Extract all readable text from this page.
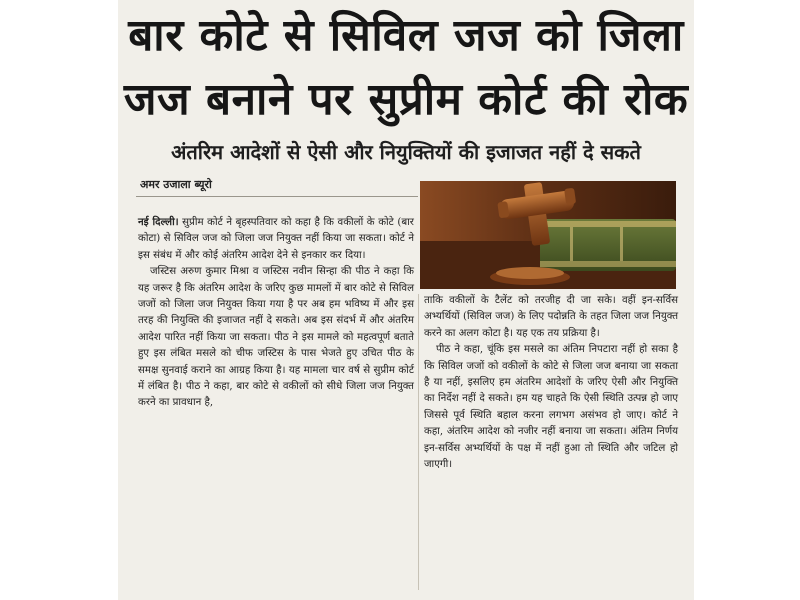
बार कोटे से सिविल जज को जिला
जज बनाने पर सुप्रीम कोर्ट की रोक
अंतरिम आदेशों से ऐसी और नियुक्तियों की इजाजत नहीं दे सकते
अमर उजाला ब्यूरो

नई दिल्ली। सुप्रीम कोर्ट ने बृहस्पतिवार को कहा है कि वकीलों के कोटे (बार कोटा) से सिविल जज को जिला जज नियुक्त नहीं किया जा सकता। कोर्ट ने इस संबंध में और कोई अंतरिम आदेश देने से इनकार कर दिया।

जस्टिस अरुण कुमार मिश्रा व जस्टिस नवीन सिन्हा की पीठ ने कहा कि यह जरूर है कि अंतरिम आदेश के जरिए कुछ मामलों में बार कोटे से सिविल जजों को जिला जज नियुक्त किया गया है पर अब हम भविष्य में और इस तरह की नियुक्ति की इजाजत नहीं दे सकते। अब इस संदर्भ में और अंतरिम आदेश पारित नहीं किया जा सकता। पीठ ने इस मामले को महत्वपूर्ण बताते हुए इस लंबित मसले को चीफ जस्टिस के पास भेजते हुए उचित पीठ के समक्ष सुनवाई कराने का आग्रह किया है। यह मामला चार वर्ष से सुप्रीम कोर्ट में लंबित है। पीठ ने कहा, बार कोटे से वकीलों को सीधे जिला जज नियुक्त करने का प्रावधान है,

ताकि वकीलों के टैलेंट को तरजीह दी जा सके। वहीं इन-सर्विस अभ्यर्थियों (सिविल जज) के लिए पदोन्नति के तहत जिला जज नियुक्त करने का अलग कोटा है। यह एक तय प्रक्रिया है।

पीठ ने कहा, चूंकि इस मसले का अंतिम निपटारा नहीं हो सका है कि सिविल जजों को वकीलों के कोटे से जिला जज बनाया जा सकता है या नहीं, इसलिए हम अंतरिम आदेशों के जरिए ऐसी और नियुक्ति का निर्देश नहीं दे सकते। हम यह चाहते कि ऐसी स्थिति उत्पन्न हो जाए जिससे पूर्व स्थिति बहाल करना लगभग असंभव हो जाए। कोर्ट ने कहा, अंतरिम आदेश को नजीर नहीं बनाया जा सकता। अंतिम निर्णय इन-सर्विस अभ्यर्थियों के पक्ष में नहीं हुआ तो स्थिति और जटिल हो जाएगी।
